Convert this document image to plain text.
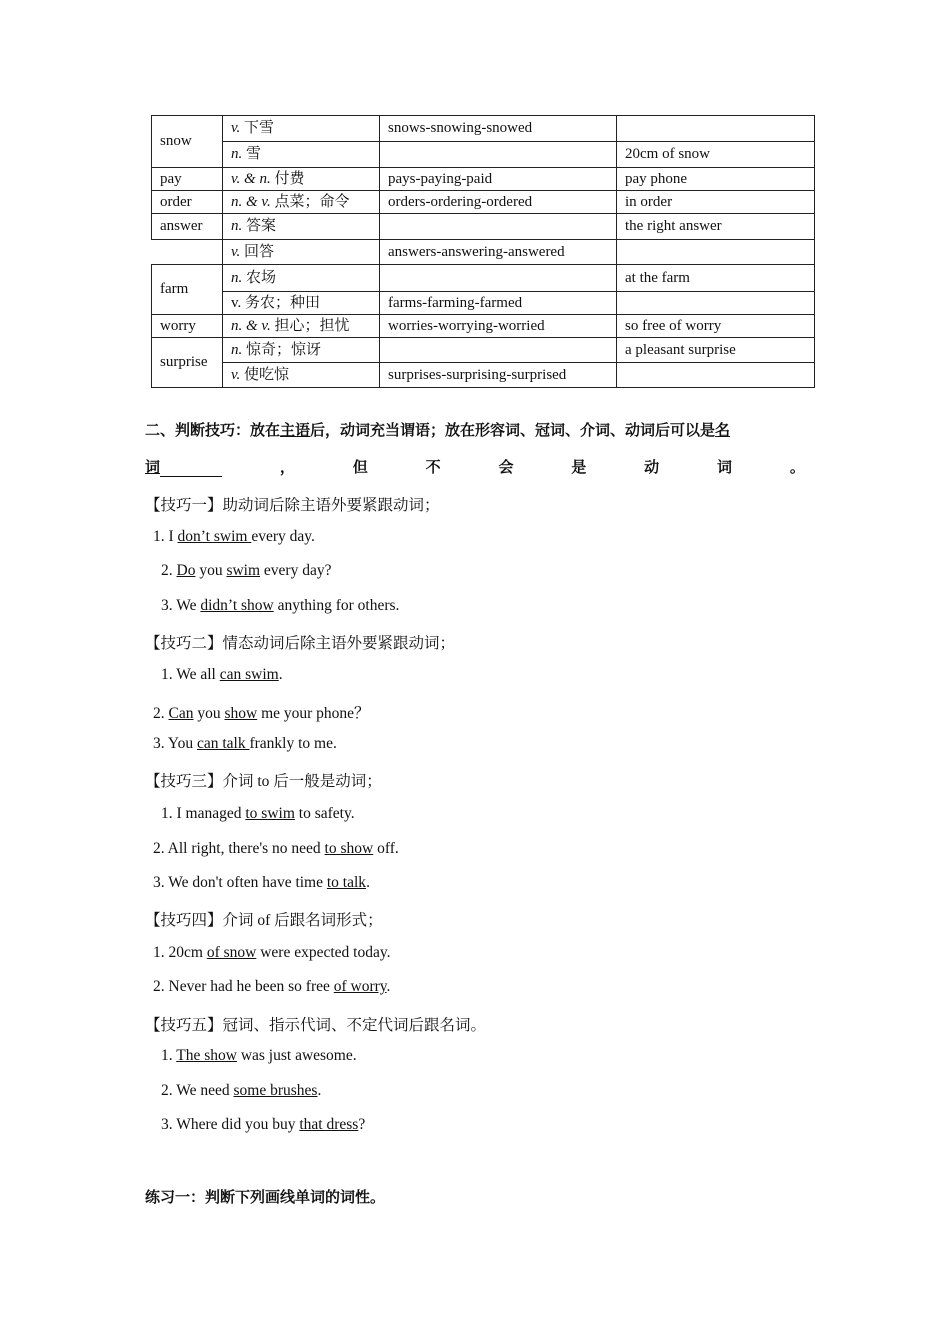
snow	v. 下雪	snows-snowing-snowed	
	n. 雪		20cm of snow
pay	v. & n. 付费	pays-paying-paid	pay phone
order	n. & v. 点菜；命令	orders-ordering-ordered	in order
answer	n. 答案		the right answer
	v. 回答	answers-answering-answered	
farm	n. 农场		at the farm
	v. 务农；种田	farms-farming-farmed	
worry	n. & v. 担心；担忧	worries-worrying-worried	so free of worry
surprise	n. 惊奇；惊讶		a pleasant surprise
	v. 使吃惊	surprises-surprising-surprised	
二、判断技巧：放在主语后，动词充当谓语；放在形容词、冠词、介词、动词后可以是名
词	，	但	不	会	是	动	词	。
【技巧一】助动词后除主语外要紧跟动词；
1. I don’t swim every day.
2. Do you swim every day?
3. We didn’t show anything for others.
【技巧二】情态动词后除主语外要紧跟动词；
1. We all can swim.
2. Can you show me your phone？
3. You can talk frankly to me.
【技巧三】介词 to 后一般是动词；
1. I managed to swim to safety.
2. All right, there's no need to show off.
3. We don't often have time to talk.
【技巧四】介词 of 后跟名词形式；
1. 20cm of snow were expected today.
2. Never had he been so free of worry.
【技巧五】冠词、指示代词、不定代词后跟名词。
1. The show was just awesome.
2. We need some brushes.
3. Where did you buy that dress?
练习一：判断下列画线单词的词性。
